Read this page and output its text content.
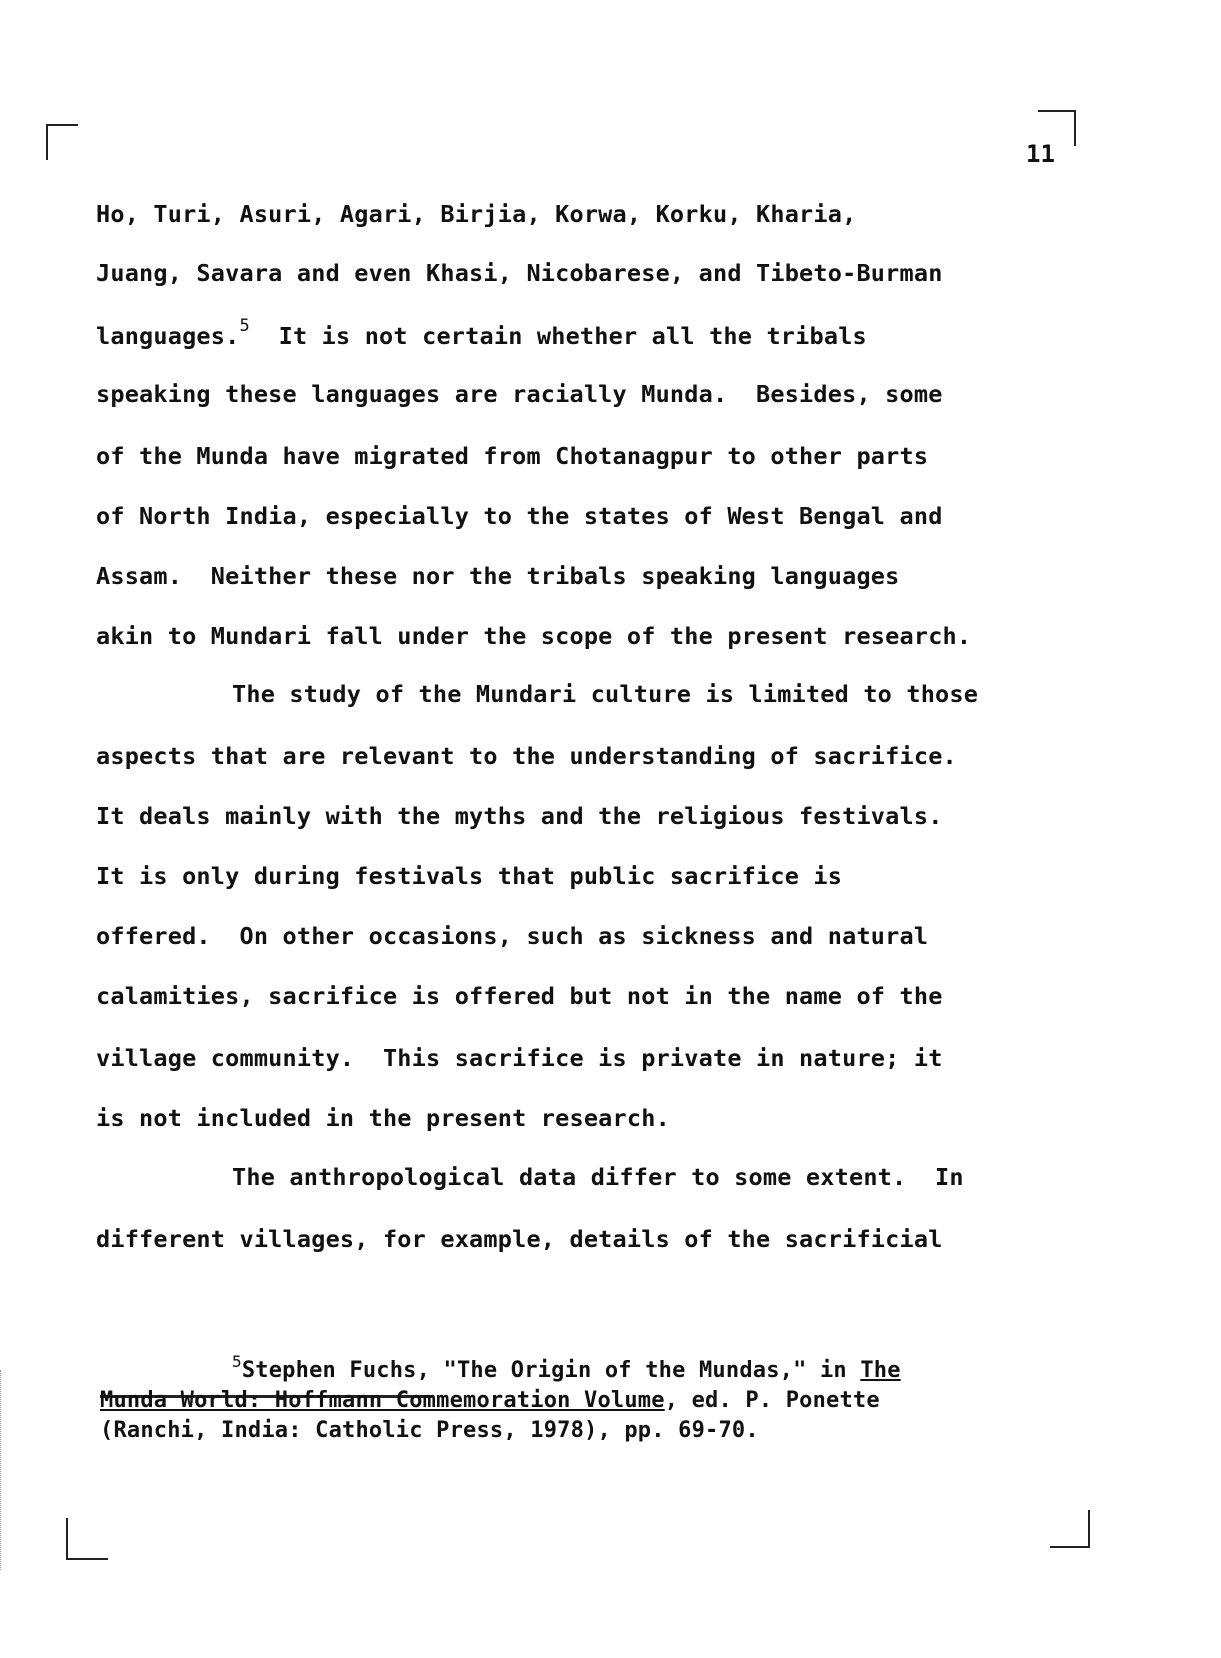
11
Ho, Turi, Asuri, Agari, Birjia, Korwa, Korku, Kharia,
Juang, Savara and even Khasi, Nicobarese, and Tibeto-Burman
languages.$^5$ It is not certain whether all the tribals
speaking these languages are racially Munda.  Besides, some
of the Munda have migrated from Chotanagpur to other parts
of North India, especially to the states of West Bengal and
Assam.  Neither these nor the tribals speaking languages
akin to Mundari fall under the scope of the present research.
The study of the Mundari culture is limited to those
aspects that are relevant to the understanding of sacrifice.
It deals mainly with the myths and the religious festivals.
It is only during festivals that public sacrifice is
offered.  On other occasions, such as sickness and natural
calamities, sacrifice is offered but not in the name of the
village community.  This sacrifice is private in nature; it
is not included in the present research.
The anthropological data differ to some extent.  In
different villages, for example, details of the sacrificial
$^5$Stephen Fuchs, "The Origin of the Mundas," in The
Munda World: Hoffmann Commemoration Volume, ed. P. Ponette
(Ranchi, India: Catholic Press, 1978), pp. 69-70.
